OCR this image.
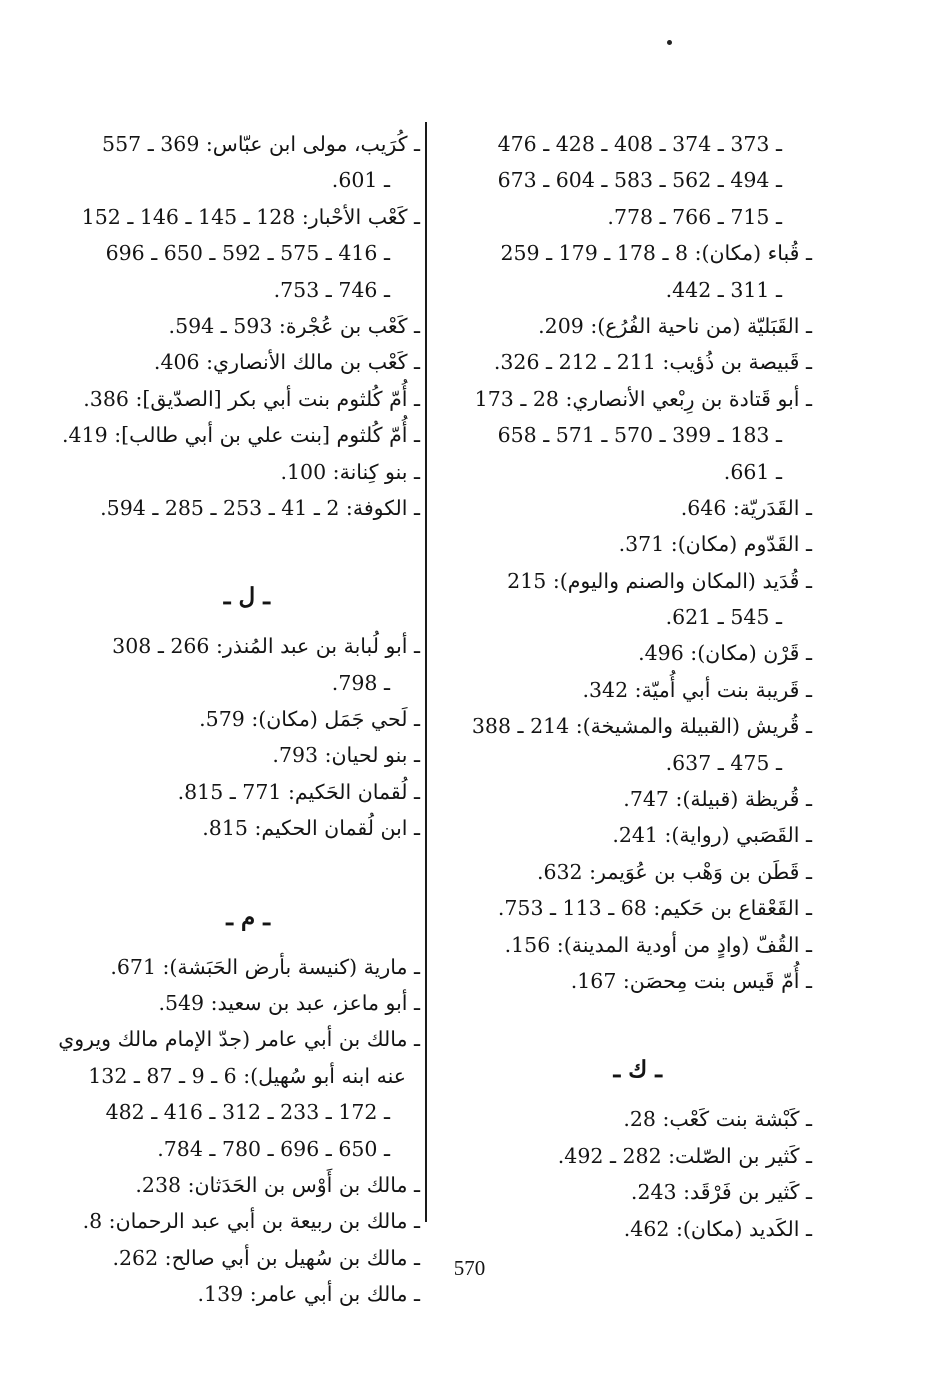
ـ 373 ـ 374 ـ 408 ـ 428 ـ 476
ـ 494 ـ 562 ـ 583 ـ 604 ـ 673
ـ 715 ـ 766 ـ 778.
ـ قُباء (مكان): 8 ـ 178 ـ 179 ـ 259
ـ 311 ـ 442.
ـ القَبَليّة (من ناحية الفُرُع): 209.
ـ قَبيصة بن ذُؤيب: 211 ـ 212 ـ 326.
ـ أبو قَتادة بن رِبْعي الأنصاري: 28 ـ 173
ـ 183 ـ 399 ـ 570 ـ 571 ـ 658
ـ 661.
ـ القَدَريّة: 646.
ـ القَدّوم (مكان): 371.
ـ قُدَيد (المكان والصنم واليوم): 215
ـ 545 ـ 621.
ـ قَرْن (مكان): 496.
ـ قَريبة بنت أبي أُميّة: 342.
ـ قُريش (القبيلة والمشيخة): 214 ـ 388
ـ 475 ـ 637.
ـ قُريظة (قبيلة): 747.
ـ القَصَبي (رواية): 241.
ـ قَطَن بن وَهْب بن عُوَيمر: 632.
ـ القَعْقاع بن حَكيم: 68 ـ 113 ـ 753.
ـ القُفّ (وادٍ من أودية المدينة): 156.
ـ أُمّ قَيس بنت مِحصَن: 167.
ـ ك ـ
ـ كَبْشة بنت كَعْب: 28.
ـ كَثير بن الصّلت: 282 ـ 492.
ـ كَثير بن فَرْقَد: 243.
ـ الكَديد (مكان): 462.
ـ كُرَيب، مولى ابن عبّاس: 369 ـ 557
ـ 601.
ـ كَعْب الأحْبار: 128 ـ 145 ـ 146 ـ 152
ـ 416 ـ 575 ـ 592 ـ 650 ـ 696
ـ 746 ـ 753.
ـ كَعْب بن عُجْرة: 593 ـ 594.
ـ كَعْب بن مالك الأنصاري: 406.
ـ أُمّ كُلثوم بنت أبي بكر [الصدّيق]: 386.
ـ أُمّ كُلثوم [بنت علي بن أبي طالب]: 419.
ـ بنو كِنانة: 100.
ـ الكوفة: 2 ـ 41 ـ 253 ـ 285 ـ 594.
ـ ل ـ
ـ أبو لُبابة بن عبد المُنذر: 266 ـ 308
ـ 798.
ـ لَحي جَمَل (مكان): 579.
ـ بنو لحيان: 793.
ـ لُقمان الحَكيم: 771 ـ 815.
ـ ابن لُقمان الحكيم: 815.
ـ م ـ
ـ مارية (كنيسة بأرض الحَبَشة): 671.
ـ أبو ماعز، عبد بن سعيد: 549.
ـ مالك بن أبي عامر (جدّ الإمام مالك ويروي
عنه ابنه أبو سُهيل): 6 ـ 9 ـ 87 ـ 132
ـ 172 ـ 233 ـ 312 ـ 416 ـ 482
ـ 650 ـ 696 ـ 780 ـ 784.
ـ مالك بن أَوْس بن الحَدَثان: 238.
ـ مالك بن ربيعة بن أبي عبد الرحمان: 8.
ـ مالك بن سُهيل بن أبي صالح: 262.
ـ مالك بن أبي عامر: 139.
570
